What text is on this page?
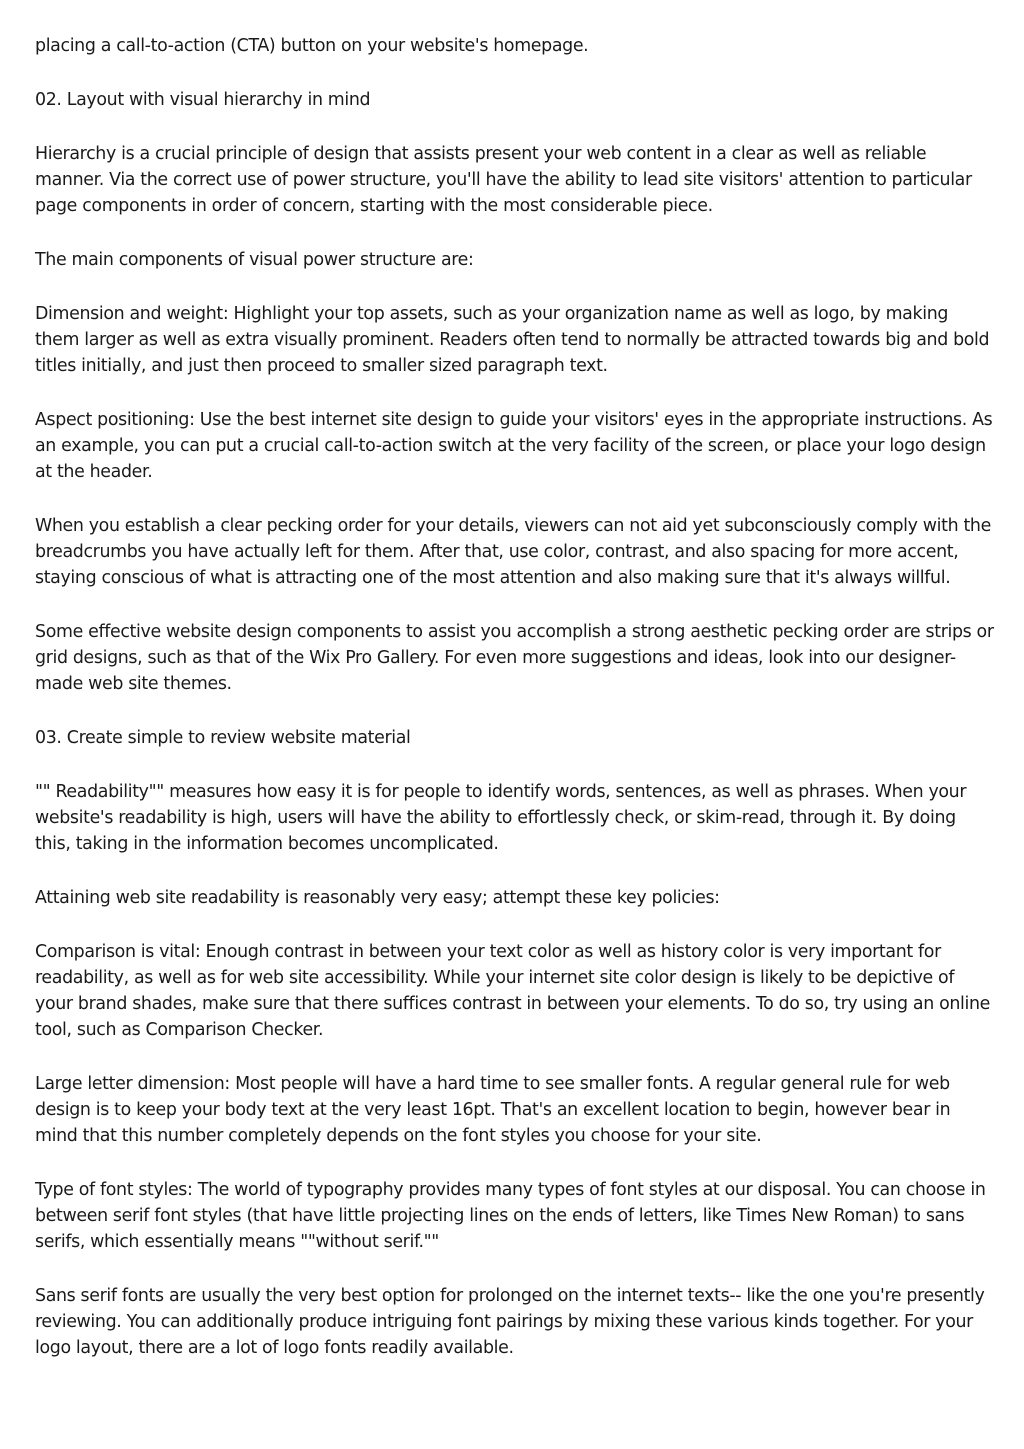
placing a call-to-action (CTA) button on your website's homepage.

02. Layout with visual hierarchy in mind

Hierarchy is a crucial principle of design that assists present your web content in a clear as well as reliable manner. Via the correct use of power structure, you'll have the ability to lead site visitors' attention to particular page components in order of concern, starting with the most considerable piece.

The main components of visual power structure are:

Dimension and weight: Highlight your top assets, such as your organization name as well as logo, by making them larger as well as extra visually prominent. Readers often tend to normally be attracted towards big and bold titles initially, and just then proceed to smaller sized paragraph text.

Aspect positioning: Use the best internet site design to guide your visitors' eyes in the appropriate instructions. As an example, you can put a crucial call-to-action switch at the very facility of the screen, or place your logo design at the header.

When you establish a clear pecking order for your details, viewers can not aid yet subconsciously comply with the breadcrumbs you have actually left for them. After that, use color, contrast, and also spacing for more accent, staying conscious of what is attracting one of the most attention and also making sure that it's always willful.

Some effective website design components to assist you accomplish a strong aesthetic pecking order are strips or grid designs, such as that of the Wix Pro Gallery. For even more suggestions and ideas, look into our designer-made web site themes.

03. Create simple to review website material

"" Readability"" measures how easy it is for people to identify words, sentences, as well as phrases. When your website's readability is high, users will have the ability to effortlessly check, or skim-read, through it. By doing this, taking in the information becomes uncomplicated.

Attaining web site readability is reasonably very easy; attempt these key policies:

Comparison is vital: Enough contrast in between your text color as well as history color is very important for readability, as well as for web site accessibility. While your internet site color design is likely to be depictive of your brand shades, make sure that there suffices contrast in between your elements. To do so, try using an online tool, such as Comparison Checker.

Large letter dimension: Most people will have a hard time to see smaller fonts. A regular general rule for web design is to keep your body text at the very least 16pt. That's an excellent location to begin, however bear in mind that this number completely depends on the font styles you choose for your site.

Type of font styles: The world of typography provides many types of font styles at our disposal. You can choose in between serif font styles (that have little projecting lines on the ends of letters, like Times New Roman) to sans serifs, which essentially means ""without serif.""

Sans serif fonts are usually the very best option for prolonged on the internet texts-- like the one you're presently reviewing. You can additionally produce intriguing font pairings by mixing these various kinds together. For your logo layout, there are a lot of logo fonts readily available.
